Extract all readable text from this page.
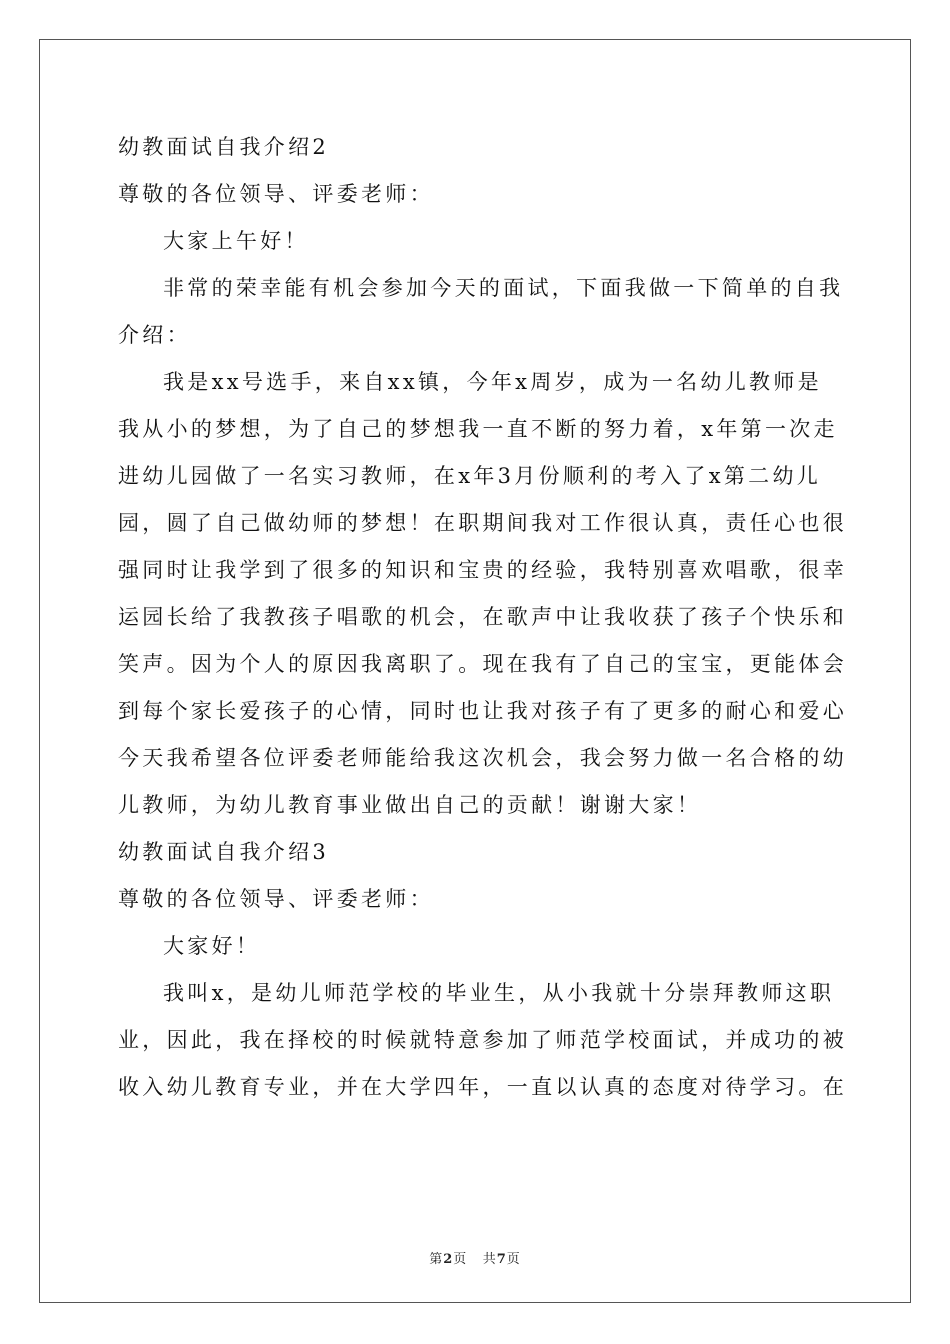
幼教面试自我介绍2
尊敬的各位领导、评委老师：
大家上午好！
非常的荣幸能有机会参加今天的面试，下面我做一下简单的自我
介绍：
我是xx号选手，来自xx镇，今年x周岁，成为一名幼儿教师是
我从小的梦想，为了自己的梦想我一直不断的努力着，x年第一次走
进幼儿园做了一名实习教师，在x年3月份顺利的考入了x第二幼儿
园，圆了自己做幼师的梦想！在职期间我对工作很认真，责任心也很
强同时让我学到了很多的知识和宝贵的经验，我特别喜欢唱歌，很幸
运园长给了我教孩子唱歌的机会，在歌声中让我收获了孩子个快乐和
笑声。因为个人的原因我离职了。现在我有了自己的宝宝，更能体会
到每个家长爱孩子的心情，同时也让我对孩子有了更多的耐心和爱心
今天我希望各位评委老师能给我这次机会，我会努力做一名合格的幼
儿教师，为幼儿教育事业做出自己的贡献！谢谢大家！
幼教面试自我介绍3
尊敬的各位领导、评委老师：
大家好！
我叫x，是幼儿师范学校的毕业生，从小我就十分崇拜教师这职
业，因此，我在择校的时候就特意参加了师范学校面试，并成功的被
收入幼儿教育专业，并在大学四年，一直以认真的态度对待学习。在
第2页 共7页
